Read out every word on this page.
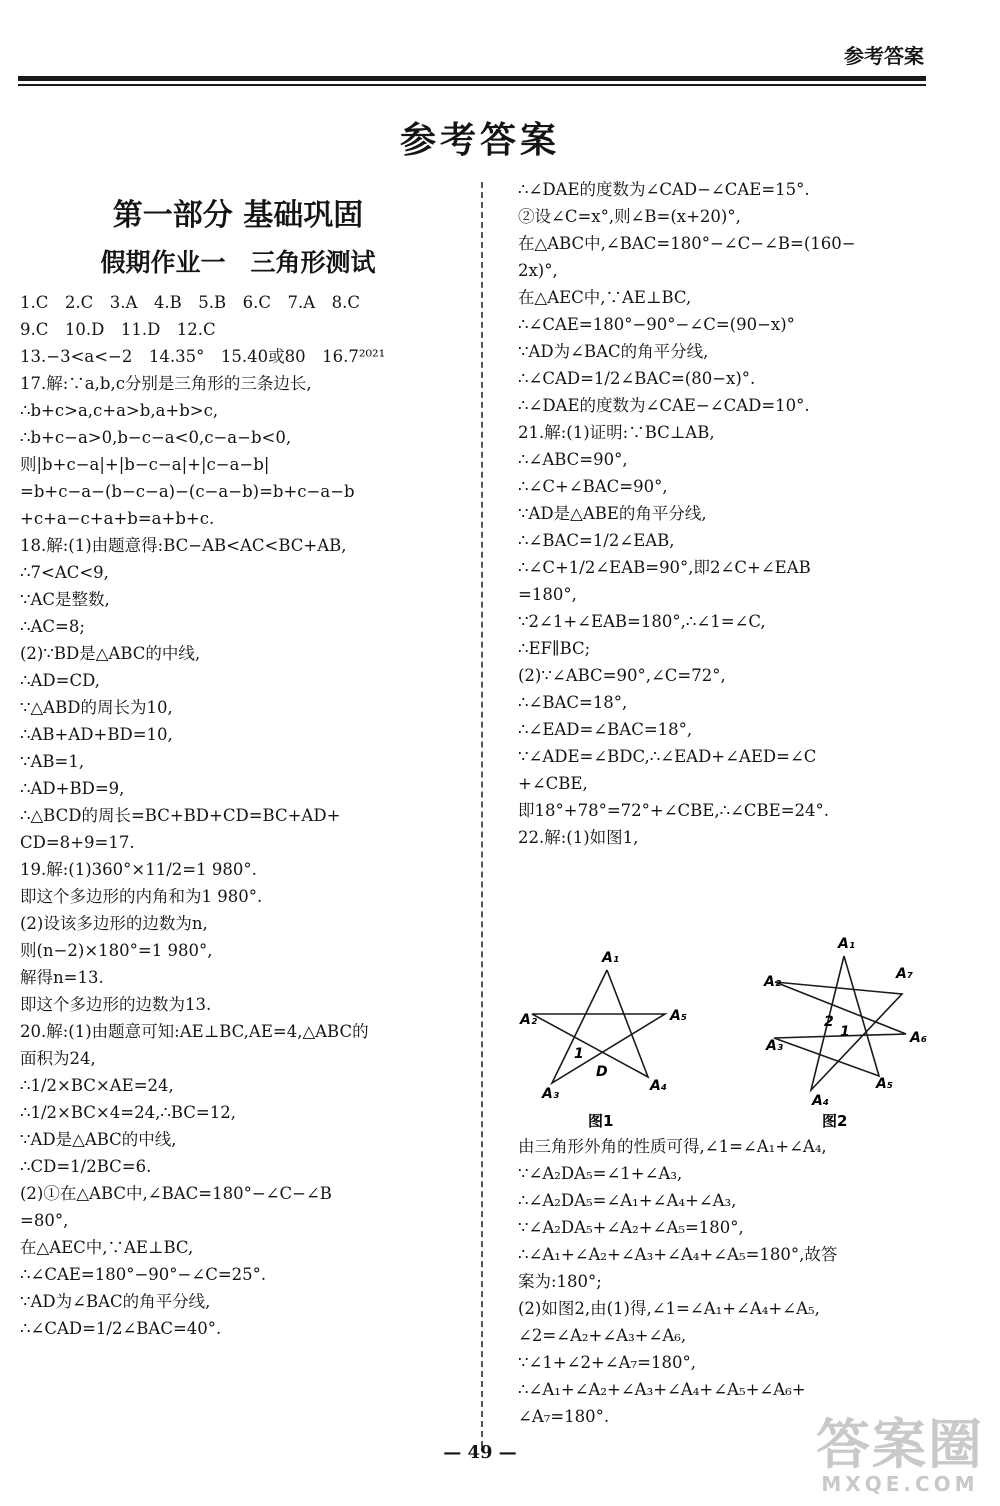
参考答案
参考答案
第一部分 基础巩固
假期作业一　三角形测试
1.C　2.C　3.A　4.B　5.B　6.C　7.A　8.C
9.C　10.D　11.D　12.C
13.−3<a<−2　14.35°　15.40或80　16.7²⁰²¹
17.解:∵a,b,c分别是三角形的三条边长,
∴b+c>a,c+a>b,a+b>c,
∴b+c−a>0,b−c−a<0,c−a−b<0,
则|b+c−a|+|b−c−a|+|c−a−b|
=b+c−a−(b−c−a)−(c−a−b)=b+c−a−b
+c+a−c+a+b=a+b+c.
18.解:(1)由题意得:BC−AB<AC<BC+AB,
∴7<AC<9,
∵AC是整数,
∴AC=8;
(2)∵BD是△ABC的中线,
∴AD=CD,
∵△ABD的周长为10,
∴AB+AD+BD=10,
∵AB=1,
∴AD+BD=9,
∴△BCD的周长=BC+BD+CD=BC+AD+
CD=8+9=17.
19.解:(1)360°×11/2=1 980°.
即这个多边形的内角和为1 980°.
(2)设该多边形的边数为n,
则(n−2)×180°=1 980°,
解得n=13.
即这个多边形的边数为13.
20.解:(1)由题意可知:AE⊥BC,AE=4,△ABC的
面积为24,
∴1/2×BC×AE=24,
∴1/2×BC×4=24,∴BC=12,
∵AD是△ABC的中线,
∴CD=1/2BC=6.
(2)①在△ABC中,∠BAC=180°−∠C−∠B
=80°,
在△AEC中,∵AE⊥BC,
∴∠CAE=180°−90°−∠C=25°.
∵AD为∠BAC的角平分线,
∴∠CAD=1/2∠BAC=40°.
∴∠DAE的度数为∠CAD−∠CAE=15°.
②设∠C=x°,则∠B=(x+20)°,
在△ABC中,∠BAC=180°−∠C−∠B=(160−
2x)°,
在△AEC中,∵AE⊥BC,
∴∠CAE=180°−90°−∠C=(90−x)°
∵AD为∠BAC的角平分线,
∴∠CAD=1/2∠BAC=(80−x)°.
∴∠DAE的度数为∠CAE−∠CAD=10°.
21.解:(1)证明:∵BC⊥AB,
∴∠ABC=90°,
∴∠C+∠BAC=90°,
∵AD是△ABE的角平分线,
∴∠BAC=1/2∠EAB,
∴∠C+1/2∠EAB=90°,即2∠C+∠EAB
=180°,
∵2∠1+∠EAB=180°,∴∠1=∠C,
∴EF∥BC;
(2)∵∠ABC=90°,∠C=72°,
∴∠BAC=18°,
∴∠EAD=∠BAC=18°,
∵∠ADE=∠BDC,∴∠EAD+∠AED=∠C
+∠CBE,
即18°+78°=72°+∠CBE,∴∠CBE=24°.
22.解:(1)如图1,
A₁
A₂
A₃	A₄
A₅
1
D
图1
A₁
A₂
A₃
A₄
A₅
A₆
A₇
1
2
图2
由三角形外角的性质可得,∠1=∠A₁+∠A₄,
∵∠A₂DA₅=∠1+∠A₃,
∴∠A₂DA₅=∠A₁+∠A₄+∠A₃,
∵∠A₂DA₅+∠A₂+∠A₅=180°,
∴∠A₁+∠A₂+∠A₃+∠A₄+∠A₅=180°,故答
案为:180°;
(2)如图2,由(1)得,∠1=∠A₁+∠A₄+∠A₅,
∠2=∠A₂+∠A₃+∠A₆,
∵∠1+∠2+∠A₇=180°,
∴∠A₁+∠A₂+∠A₃+∠A₄+∠A₅+∠A₆+
∠A₇=180°.
— 49 —	答案圈
MXQE.COM
